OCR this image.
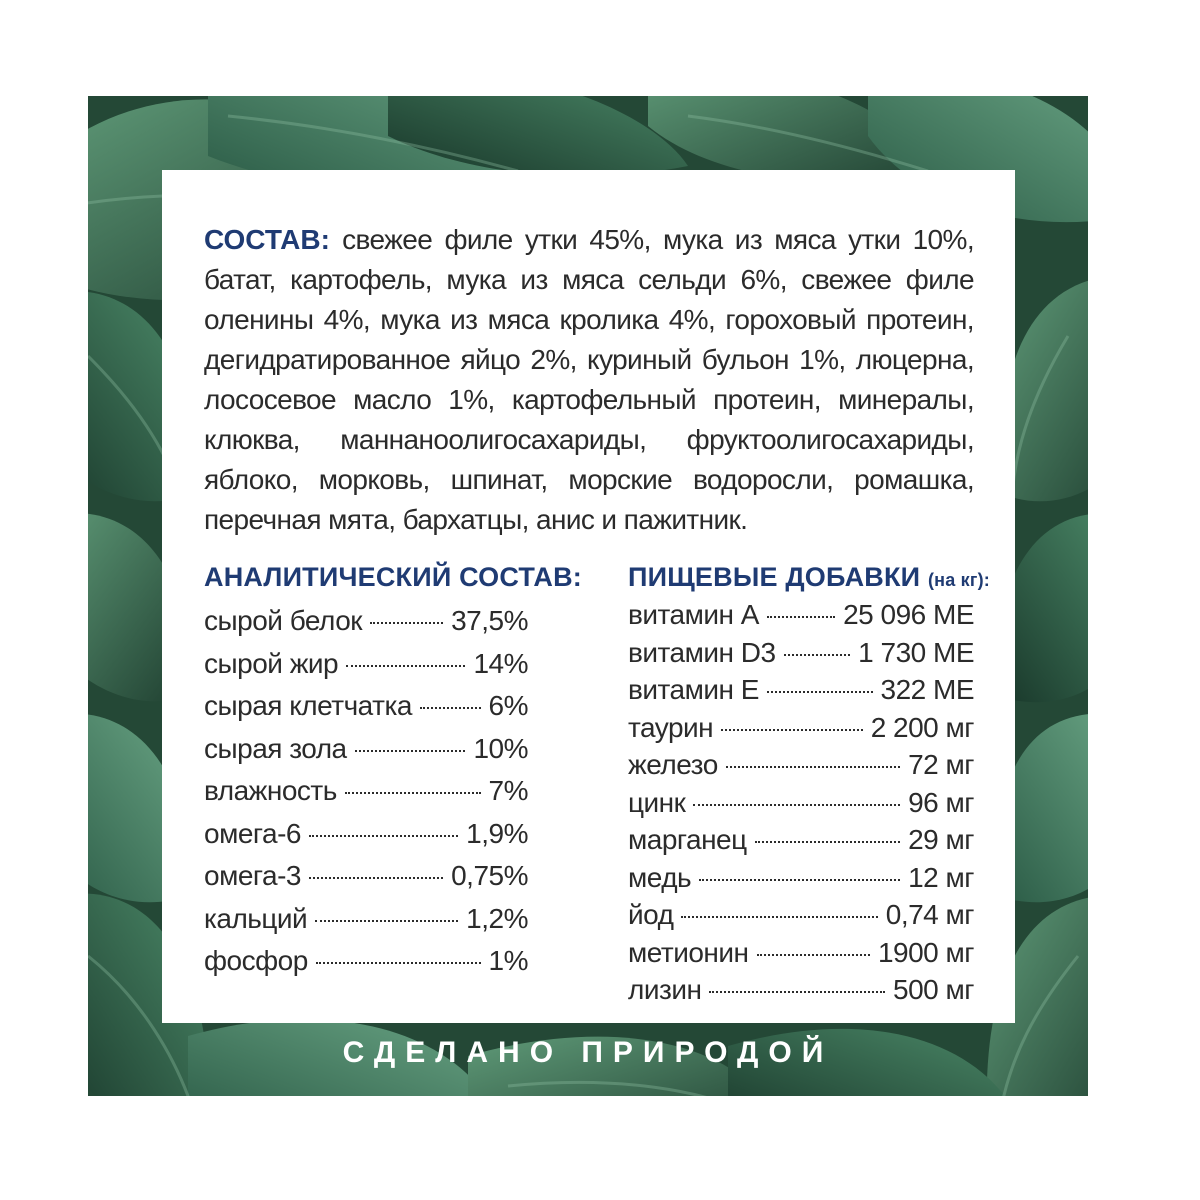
СОСТАВ: свежее филе утки 45%, мука из мяса утки 10%, батат, картофель, мука из мяса сельди 6%, свежее филе оленины 4%, мука из мяса кролика 4%, гороховый протеин, дегидратированное яйцо 2%, куриный бульон 1%, люцерна, лососевое масло 1%, картофельный протеин, минералы, клюква, маннаноолигосахариды, фруктоолигосахариды, яблоко, морковь, шпинат, морские водоросли, ромашка, перечная мята, бархатцы, анис и пажитник.
АНАЛИТИЧЕСКИЙ СОСТАВ: ПИЩЕВЫЕ ДОБАВКИ (на кг):
сырой белок	37,5%
сырой жир	14%
сырая клетчатка	6%
сырая зола	10%
влажность	7%
омега-6	1,9%
омега-3	0,75%
кальций	1,2%
фосфор	1%
витамин А	25 096 МЕ
витамин D3	1 730 МЕ
витамин Е	322 МЕ
таурин	2 200 мг
железо	72 мг
цинк	96 мг
марганец	29 мг
медь	12 мг
йод	0,74 мг
метионин	1900 мг
лизин	500 мг
СДЕЛАНО ПРИРОДОЙ
